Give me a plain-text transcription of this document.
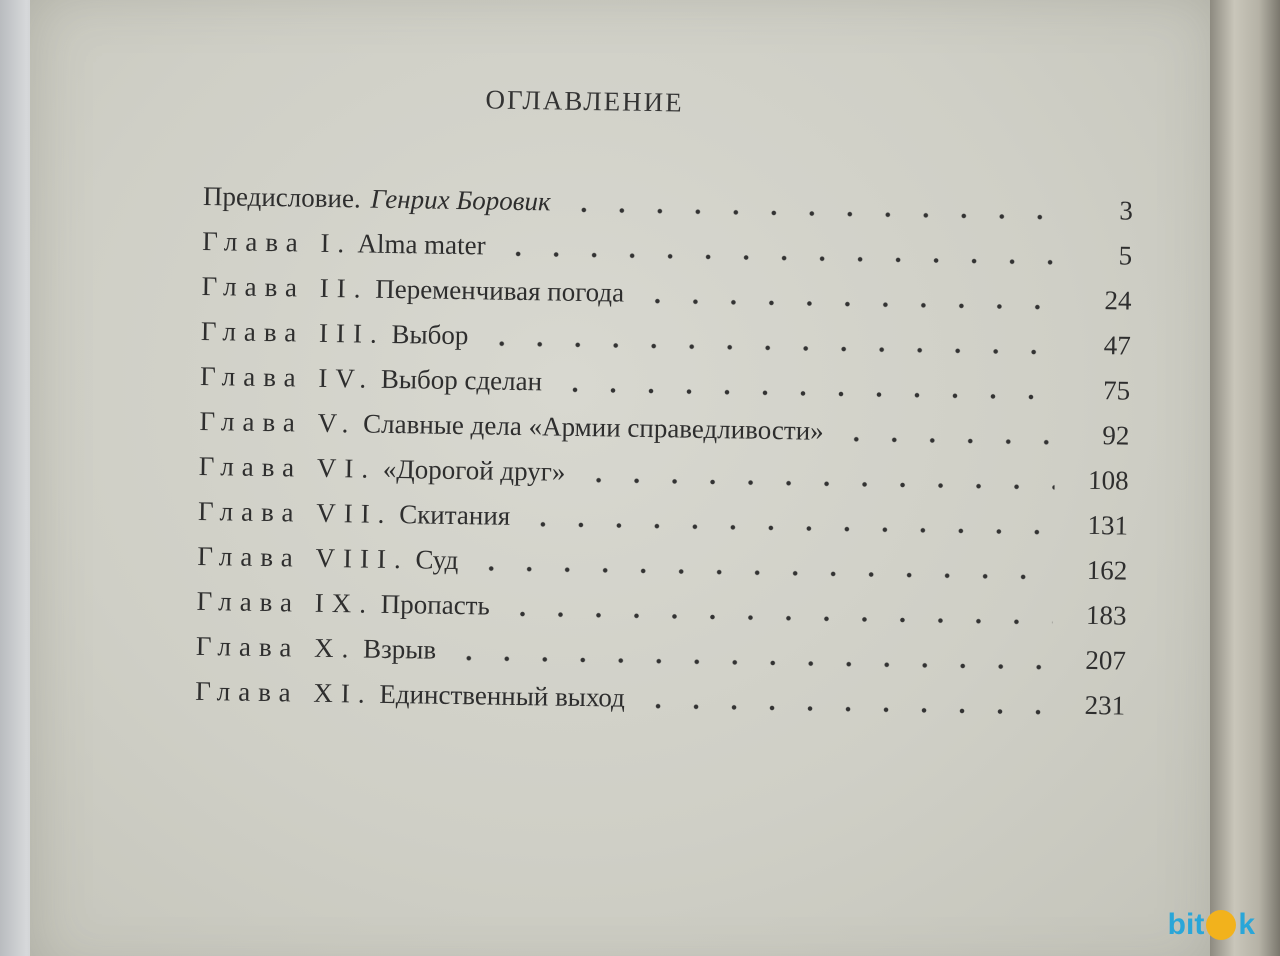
ОГЛАВЛЕНИЕ
Предисловие. Генрих Боровик	3
Глава I. Alma mater	5
Глава II. Переменчивая погода	24
Глава III. Выбор	47
Глава IV. Выбор сделан	75
Глава V. Славные дела «Армии справедливости»	92
Глава VI. «Дорогой друг»	108
Глава VII. Скитания	131
Глава VIII. Суд	162
Глава IX. Пропасть	183
Глава X. Взрыв	207
Глава XI. Единственный выход	231
bit k
